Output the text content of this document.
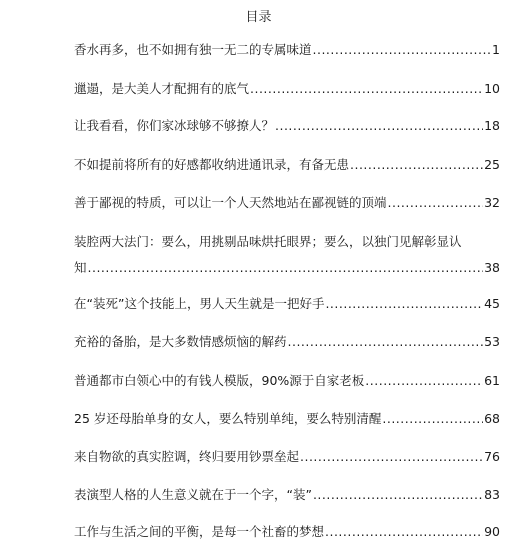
目录
香水再多，也不如拥有独一无二的专属味道 .....	1
邋遢，是大美人才配拥有的底气 .....	10
让我看看，你们家冰球够不够撩人？ .....	18
不如提前将所有的好感都收纳进通讯录，有备无患 .....	25
善于鄙视的特质，可以让一个人天然地站在鄙视链的顶端 .....	32
装腔两大法门：要么，用挑剔品味烘托眼界；要么，以独门见解彰显认
知 .....	38
在“装死”这个技能上，男人天生就是一把好手 .....	45
充裕的备胎，是大多数情感烦恼的解药 .....	53
普通都市白领心中的有钱人模版，90%源于自家老板 .....	61
25 岁还母胎单身的女人，要么特别单纯，要么特别清醒 .....	68
来自物欲的真实腔调，终归要用钞票垒起 .....	76
表演型人格的人生意义就在于一个字，“装” .....	83
工作与生活之间的平衡，是每一个社畜的梦想 .....	90
